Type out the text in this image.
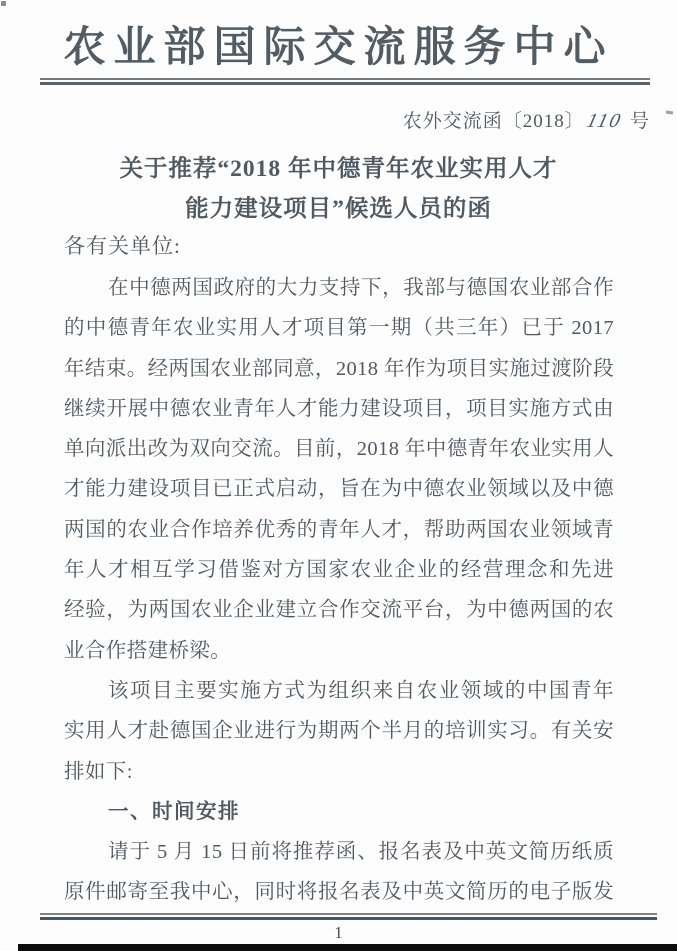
农业部国际交流服务中心
农外交流函〔2018〕110 号
关于推荐“2018 年中德青年农业实用人才
能力建设项目”候选人员的函
各有关单位:
在中德两国政府的大力支持下，我部与德国农业部合作
的中德青年农业实用人才项目第一期（共三年）已于 2017
年结束。经两国农业部同意，2018 年作为项目实施过渡阶段
继续开展中德农业青年人才能力建设项目，项目实施方式由
单向派出改为双向交流。目前，2018 年中德青年农业实用人
才能力建设项目已正式启动，旨在为中德农业领域以及中德
两国的农业合作培养优秀的青年人才，帮助两国农业领域青
年人才相互学习借鉴对方国家农业企业的经营理念和先进
经验，为两国农业企业建立合作交流平台，为中德两国的农
业合作搭建桥梁。
该项目主要实施方式为组织来自农业领域的中国青年
实用人才赴德国企业进行为期两个半月的培训实习。有关安
排如下:
一、时间安排
请于 5 月 15 日前将推荐函、报名表及中英文简历纸质
原件邮寄至我中心，同时将报名表及中英文简历的电子版发
1
